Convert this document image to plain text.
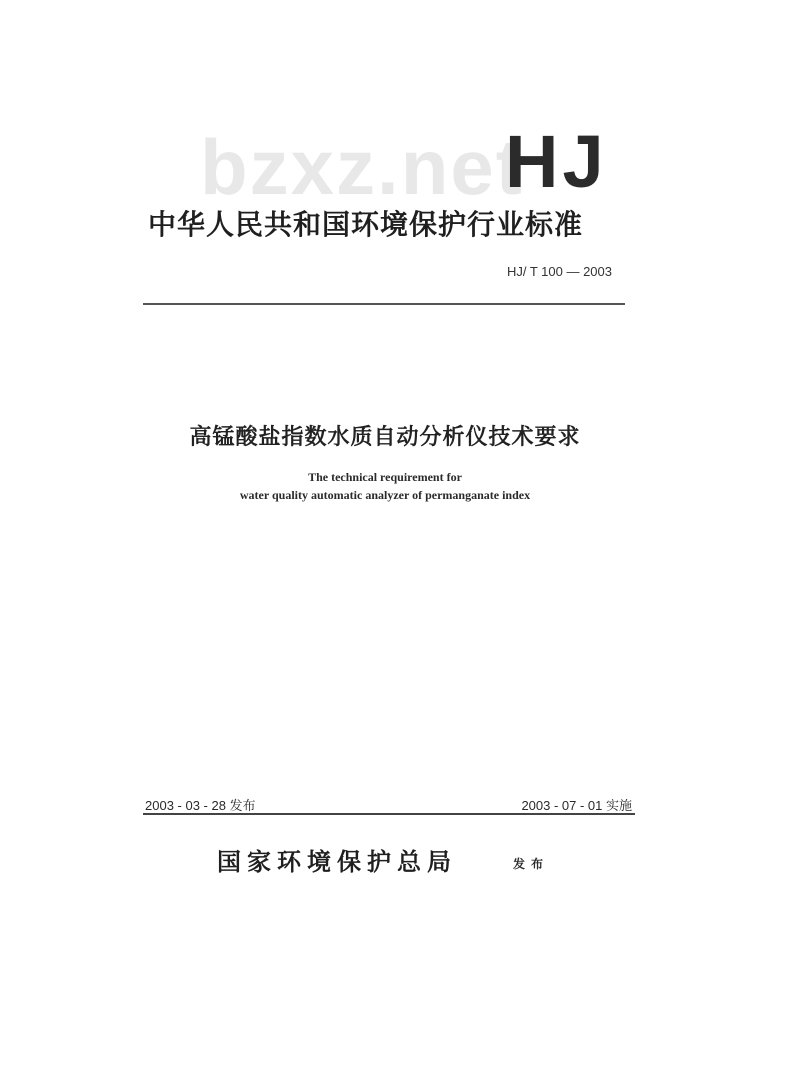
bzxz.net
HJ
中华人民共和国环境保护行业标准
HJ/ T 100 — 2003
高锰酸盐指数水质自动分析仪技术要求
The technical requirement for
water quality automatic analyzer of permanganate index
2003 - 03 - 28 发布	2003 - 07 - 01 实施
国家环境保护总局	发布
